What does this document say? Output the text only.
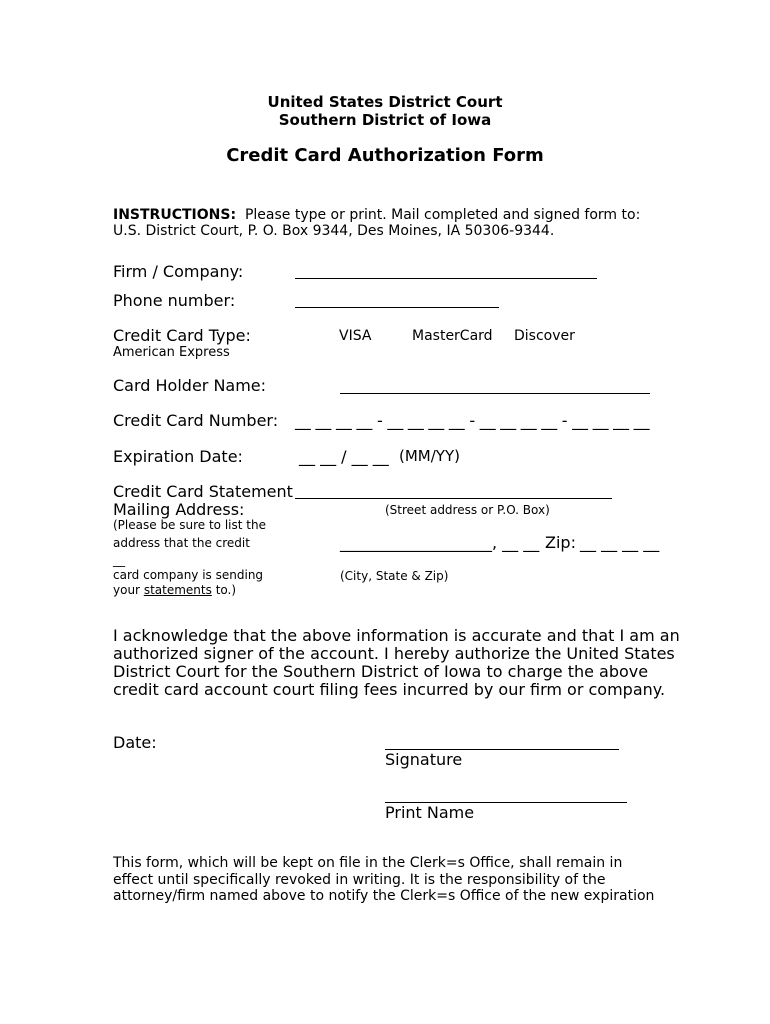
United States District Court
Southern District of Iowa
Credit Card Authorization Form
INSTRUCTIONS: Please type or print. Mail completed and signed form to:
U.S. District Court, P. O. Box 9344, Des Moines, IA 50306-9344.
Firm / Company:
Phone number:
Credit Card Type:	VISA	MasterCard Discover
American Express
Card Holder Name:
Credit Card Number: __ __ __ __ - __ __ __ __ - __ __ __ __ - __ __ __ __
Expiration Date:	__ __ / __ __ (MM/YY)
Credit Card Statement
Mailing Address:	(Street address or P.O. Box)
(Please be sure to list the
address that the credit	___________________, __ __ Zip: __ __ __ __
__
card company is sending	(City, State & Zip)
your statements to.)
I acknowledge that the above information is accurate and that I am an
authorized signer of the account. I hereby authorize the United States
District Court for the Southern District of Iowa to charge the above
credit card account court filing fees incurred by our firm or company.
Date:
Signature
Print Name
This form, which will be kept on file in the Clerk=s Office, shall remain in
effect until specifically revoked in writing. It is the responsibility of the
attorney/firm named above to notify the Clerk=s Office of the new expiration
